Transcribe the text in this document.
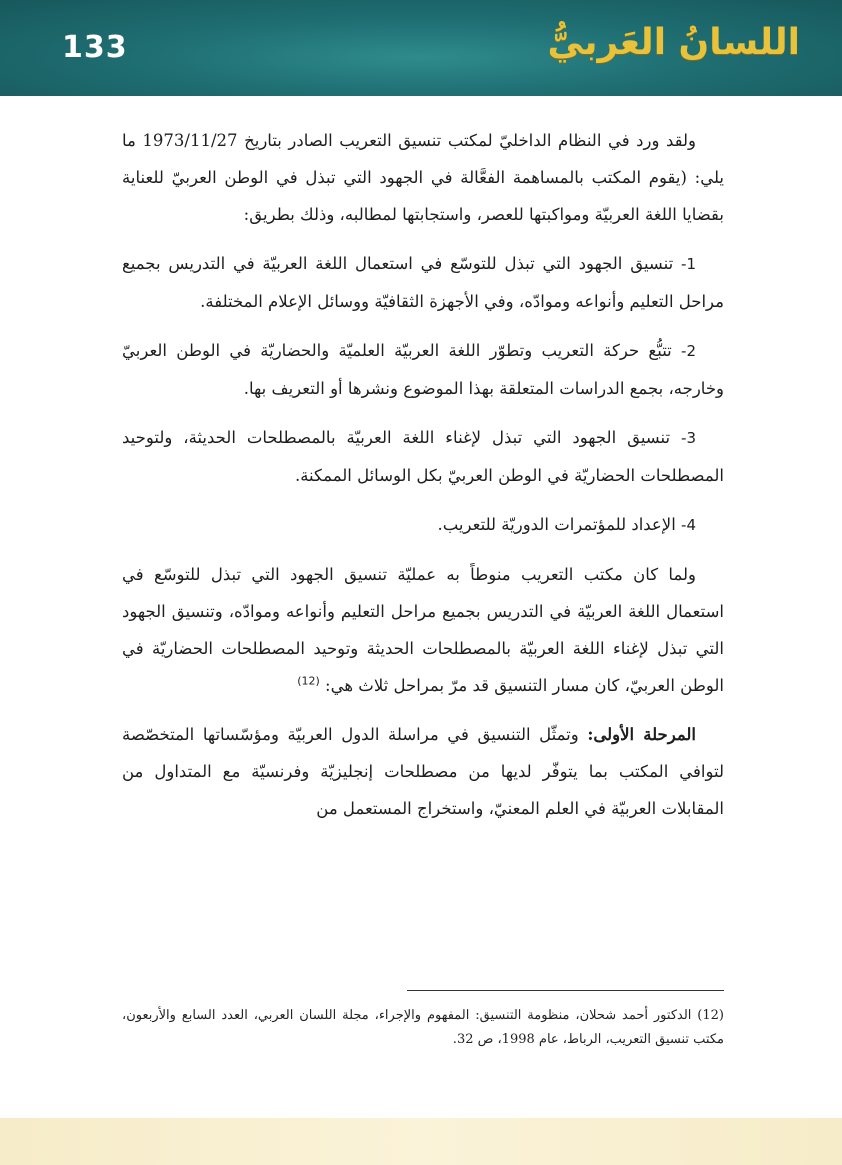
133	اللسانُ العَربيُّ

ولقد ورد في النظام الداخليّ لمكتب تنسيق التعريب الصادر بتاريخ 1973/11/27 ما يلي: (يقوم المكتب بالمساهمة الفعَّالة في الجهود التي تبذل في الوطن العربيّ للعناية بقضايا اللغة العربيّة ومواكبتها للعصر، واستجابتها لمطالبه، وذلك بطريق:

1- تنسيق الجهود التي تبذل للتوسّع في استعمال اللغة العربيّة في التدريس بجميع مراحل التعليم وأنواعه وموادّه، وفي الأجهزة الثقافيّة ووسائل الإعلام المختلفة.

2- تتبُّع حركة التعريب وتطوّر اللغة العربيّة العلميّة والحضاريّة في الوطن العربيّ وخارجه، بجمع الدراسات المتعلقة بهذا الموضوع ونشرها أو التعريف بها.

3- تنسيق الجهود التي تبذل لإغناء اللغة العربيّة بالمصطلحات الحديثة، ولتوحيد المصطلحات الحضاريّة في الوطن العربيّ بكل الوسائل الممكنة.

4- الإعداد للمؤتمرات الدوريّة للتعريب.

ولما كان مكتب التعريب منوطاً به عمليّة تنسيق الجهود التي تبذل للتوسّع في استعمال اللغة العربيّة في التدريس بجميع مراحل التعليم وأنواعه وموادّه، وتنسيق الجهود التي تبذل لإغناء اللغة العربيّة بالمصطلحات الحديثة وتوحيد المصطلحات الحضاريّة في الوطن العربيّ، كان مسار التنسيق قد مرّ بمراحل ثلاث هي: $^{(12)}$

المرحلة الأولى: وتمثّل التنسيق في مراسلة الدول العربيّة ومؤسّساتها المتخصّصة لتوافي المكتب بما يتوفّر لديها من مصطلحات إنجليزيّة وفرنسيّة مع المتداول من المقابلات العربيّة في العلم المعنيّ، واستخراج المستعمل من

(12) الدكتور أحمد شحلان، منظومة التنسيق: المفهوم والإجراء، مجلة اللسان العربي، العدد السابع والأربعون، مكتب تنسيق التعريب، الرباط، عام 1998، ص 32.
